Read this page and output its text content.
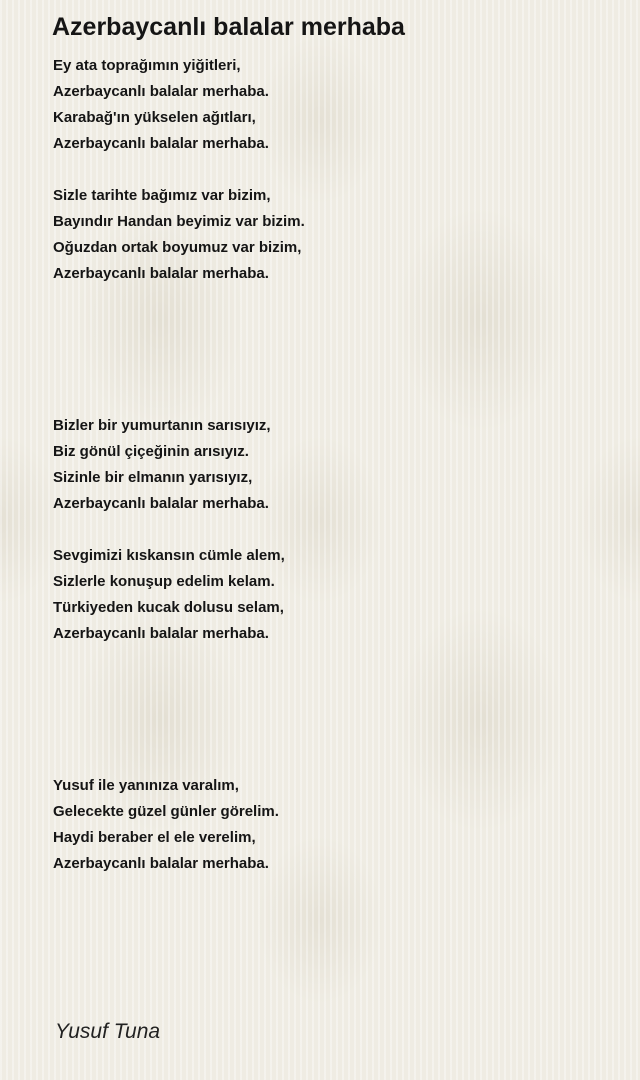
Azerbaycanlı balalar merhaba
Ey ata toprağımın yiğitleri,
Azerbaycanlı balalar merhaba.
Karabağ'ın yükselen ağıtları,
Azerbaycanlı balalar merhaba.
Sizle tarihte bağımız var bizim,
Bayındır Handan beyimiz var bizim.
Oğuzdan ortak boyumuz var bizim,
Azerbaycanlı balalar merhaba.
Bizler bir yumurtanın sarısıyız,
Biz gönül çiçeğinin arısıyız.
Sizinle bir elmanın yarısıyız,
Azerbaycanlı balalar merhaba.
Sevgimizi kıskansın cümle alem,
Sizlerle konuşup edelim kelam.
Türkiyeden kucak dolusu selam,
Azerbaycanlı balalar merhaba.
Yusuf ile yanınıza varalım,
Gelecekte güzel günler görelim.
Haydi beraber el ele verelim,
Azerbaycanlı balalar merhaba.
Yusuf Tuna
